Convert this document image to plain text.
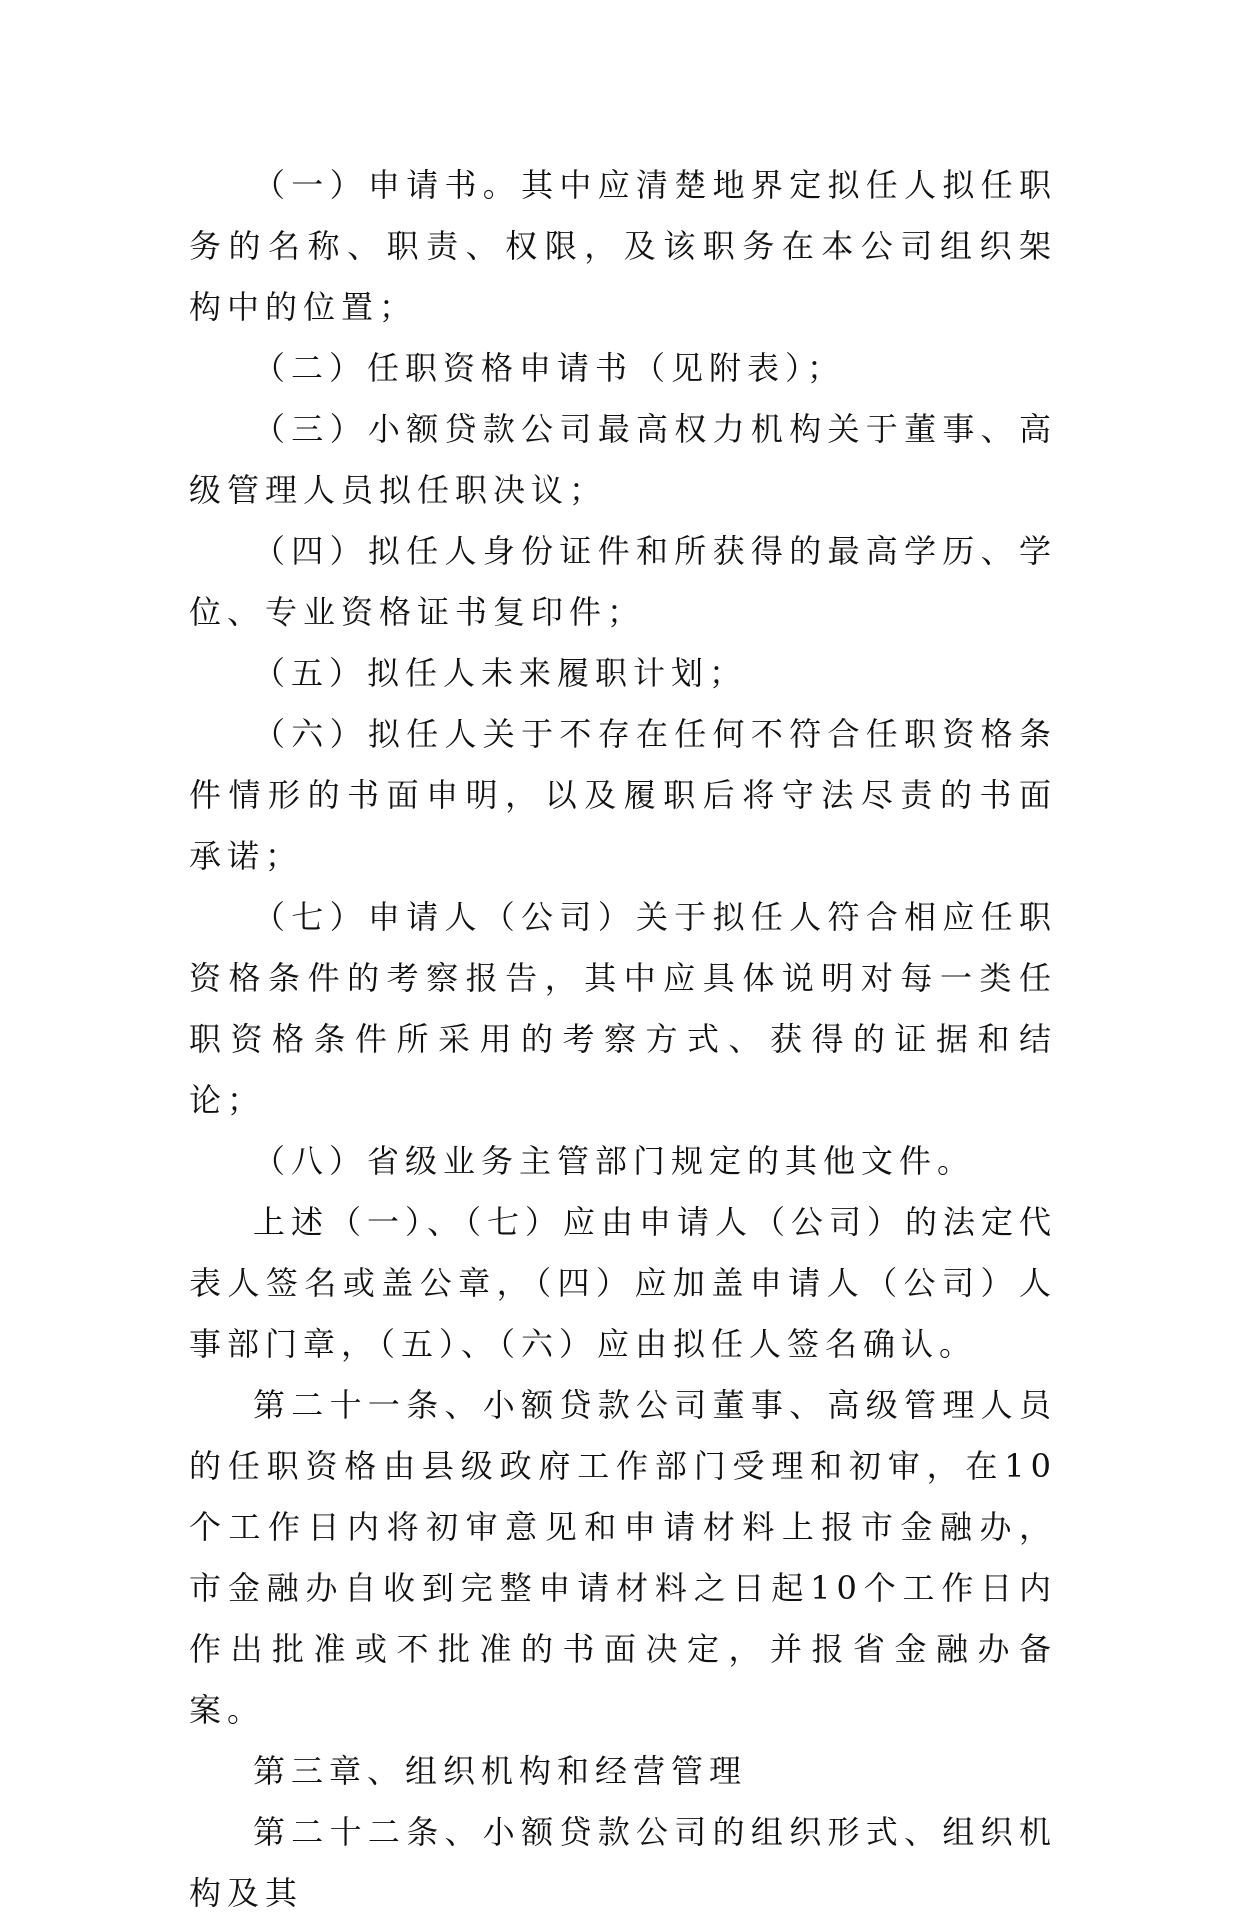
（一）申请书。其中应清楚地界定拟任人拟任职务的名称、职责、权限，及该职务在本公司组织架构中的位置；

（二）任职资格申请书（见附表）；

（三）小额贷款公司最高权力机构关于董事、高级管理人员拟任职决议；

（四）拟任人身份证件和所获得的最高学历、学位、专业资格证书复印件；

（五）拟任人未来履职计划；

（六）拟任人关于不存在任何不符合任职资格条件情形的书面申明，以及履职后将守法尽责的书面承诺；

（七）申请人（公司）关于拟任人符合相应任职资格条件的考察报告，其中应具体说明对每一类任职资格条件所采用的考察方式、获得的证据和结论；

（八）省级业务主管部门规定的其他文件。

上述（一）、（七）应由申请人（公司）的法定代表人签名或盖公章，（四）应加盖申请人（公司）人事部门章，（五）、（六）应由拟任人签名确认。

第二十一条、小额贷款公司董事、高级管理人员的任职资格由县级政府工作部门受理和初审，在10个工作日内将初审意见和申请材料上报市金融办，市金融办自收到完整申请材料之日起10个工作日内作出批准或不批准的书面决定，并报省金融办备案。

第三章、组织机构和经营管理

第二十二条、小额贷款公司的组织形式、组织机构及其
